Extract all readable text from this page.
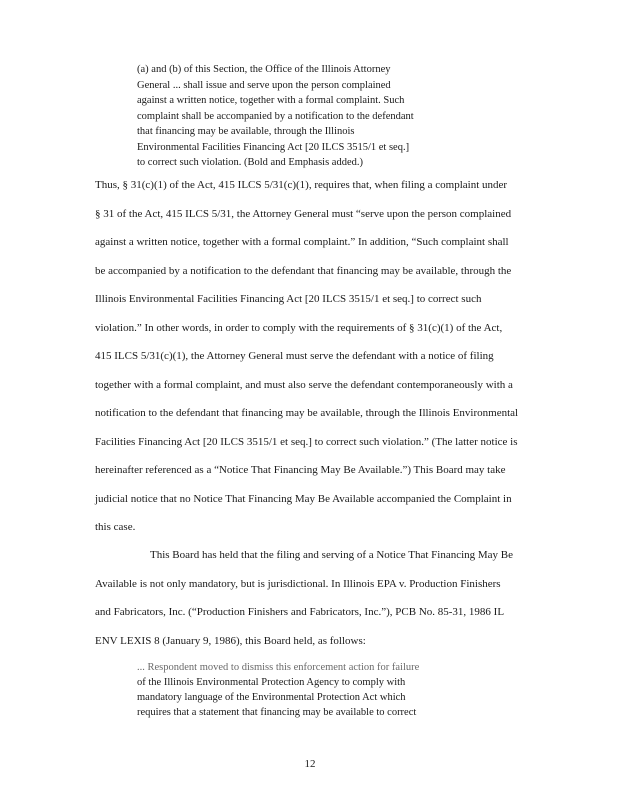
(a) and (b) of this Section, the Office of the Illinois Attorney
General ... shall issue and serve upon the person complained
against a written notice, together with a formal complaint. Such
complaint shall be accompanied by a notification to the defendant
that financing may be available, through the Illinois
Environmental Facilities Financing Act [20 ILCS 3515/1 et seq.]
to correct such violation. (Bold and Emphasis added.)
Thus, § 31(c)(1) of the Act, 415 ILCS 5/31(c)(1), requires that, when filing a complaint under
§ 31 of the Act, 415 ILCS 5/31, the Attorney General must “serve upon the person complained
against a written notice, together with a formal complaint.” In addition, “Such complaint shall
be accompanied by a notification to the defendant that financing may be available, through the
Illinois Environmental Facilities Financing Act [20 ILCS 3515/1 et seq.] to correct such
violation.” In other words, in order to comply with the requirements of § 31(c)(1) of the Act,
415 ILCS 5/31(c)(1), the Attorney General must serve the defendant with a notice of filing
together with a formal complaint, and must also serve the defendant contemporaneously with a
notification to the defendant that financing may be available, through the Illinois Environmental
Facilities Financing Act [20 ILCS 3515/1 et seq.] to correct such violation.” (The latter notice is
hereinafter referenced as a “Notice That Financing May Be Available.”) This Board may take
judicial notice that no Notice That Financing May Be Available accompanied the Complaint in
this case.
This Board has held that the filing and serving of a Notice That Financing May Be
Available is not only mandatory, but is jurisdictional. In Illinois EPA v. Production Finishers
and Fabricators, Inc. (“Production Finishers and Fabricators, Inc.”), PCB No. 85-31, 1986 IL
ENV LEXIS 8 (January 9, 1986), this Board held, as follows:
... Respondent moved to dismiss this enforcement action for failure
of the Illinois Environmental Protection Agency to comply with
mandatory language of the Environmental Protection Act which
requires that a statement that financing may be available to correct
12
